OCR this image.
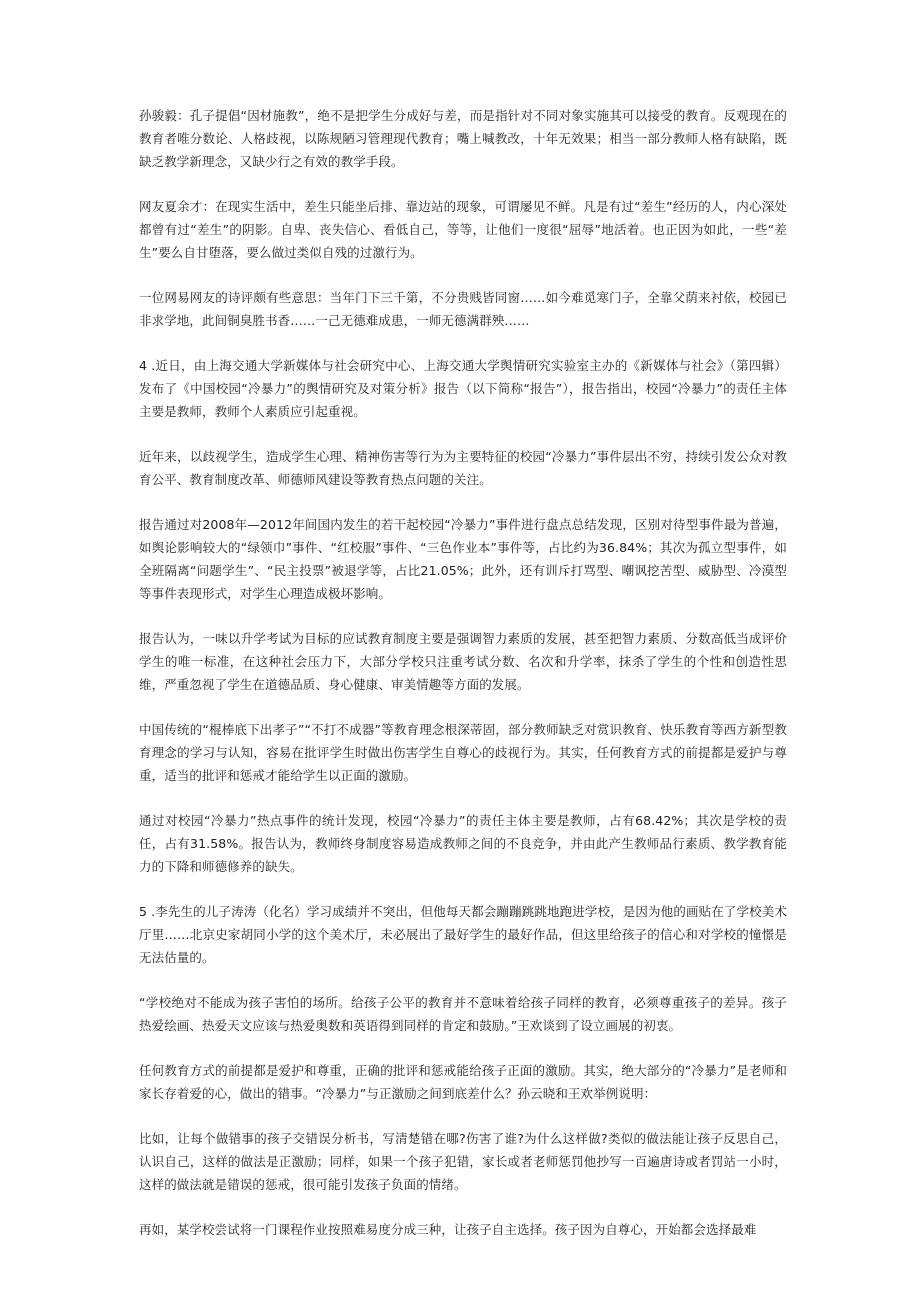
孙骏毅：孔子提倡“因材施教”，绝不是把学生分成好与差，而是指针对不同对象实施其可以接受的教育。反观现在的教育者唯分数论、人格歧视，以陈规陋习管理现代教育；嘴上喊教改，十年无效果；相当一部分教师人格有缺陷，既缺乏教学新理念，又缺少行之有效的教学手段。

网友夏余才：在现实生活中，差生只能坐后排、靠边站的现象，可谓屡见不鲜。凡是有过“差生”经历的人，内心深处都曾有过“差生”的阴影。自卑、丧失信心、看低自己，等等，让他们一度很“屈辱”地活着。也正因为如此，一些“差生”要么自甘堕落，要么做过类似自残的过激行为。

一位网易网友的诗评颇有些意思：当年门下三千第，不分贵贱皆同窗……如今难觅寒门子，全靠父荫来衬依，校园已非求学地，此间铜臭胜书香……一己无德难成患，一师无德满群殃……

4 .近日，由上海交通大学新媒体与社会研究中心、上海交通大学舆情研究实验室主办的《新媒体与社会》（第四辑）发布了《中国校园“冷暴力”的舆情研究及对策分析》报告（以下简称“报告”），报告指出，校园“冷暴力”的责任主体主要是教师，教师个人素质应引起重视。

近年来，以歧视学生，造成学生心理、精神伤害等行为为主要特征的校园“冷暴力”事件层出不穷，持续引发公众对教育公平、教育制度改革、师德师风建设等教育热点问题的关注。

报告通过对2008年—2012年间国内发生的若干起校园“冷暴力”事件进行盘点总结发现，区别对待型事件最为普遍，如舆论影响较大的“绿领巾”事件、“红校服”事件、“三色作业本”事件等，占比约为36.84%；其次为孤立型事件，如全班隔离“问题学生”、“民主投票”被退学等，占比21.05%；此外，还有训斥打骂型、嘲讽挖苦型、威胁型、冷漠型等事件表现形式，对学生心理造成极坏影响。

报告认为，一味以升学考试为目标的应试教育制度主要是强调智力素质的发展，甚至把智力素质、分数高低当成评价学生的唯一标准，在这种社会压力下，大部分学校只注重考试分数、名次和升学率，抹杀了学生的个性和创造性思维，严重忽视了学生在道德品质、身心健康、审美情趣等方面的发展。

中国传统的“棍棒底下出孝子”“不打不成器”等教育理念根深蒂固，部分教师缺乏对赏识教育、快乐教育等西方新型教育理念的学习与认知，容易在批评学生时做出伤害学生自尊心的歧视行为。其实，任何教育方式的前提都是爱护与尊重，适当的批评和惩戒才能给学生以正面的激励。

通过对校园“冷暴力”热点事件的统计发现，校园“冷暴力”的责任主体主要是教师，占有68.42%；其次是学校的责任，占有31.58%。报告认为，教师终身制度容易造成教师之间的不良竞争，并由此产生教师品行素质、教学教育能力的下降和师德修养的缺失。

5 .李先生的儿子涛涛（化名）学习成绩并不突出，但他每天都会蹦蹦跳跳地跑进学校，是因为他的画贴在了学校美术厅里……北京史家胡同小学的这个美术厅，未必展出了最好学生的最好作品，但这里给孩子的信心和对学校的憧憬是无法估量的。

“学校绝对不能成为孩子害怕的场所。给孩子公平的教育并不意味着给孩子同样的教育，必须尊重孩子的差异。孩子热爱绘画、热爱天文应该与热爱奥数和英语得到同样的肯定和鼓励。”王欢谈到了设立画展的初衷。

任何教育方式的前提都是爱护和尊重，正确的批评和惩戒能给孩子正面的激励。其实，绝大部分的“冷暴力”是老师和家长存着爱的心，做出的错事。“冷暴力”与正激励之间到底差什么？孙云晓和王欢举例说明：

比如，让每个做错事的孩子交错误分析书，写清楚错在哪?伤害了谁?为什么这样做?类似的做法能让孩子反思自己，认识自己，这样的做法是正激励；同样，如果一个孩子犯错，家长或者老师惩罚他抄写一百遍唐诗或者罚站一小时，这样的做法就是错误的惩戒，很可能引发孩子负面的情绪。

再如，某学校尝试将一门课程作业按照难易度分成三种，让孩子自主选择。孩子因为自尊心，开始都会选择最难
